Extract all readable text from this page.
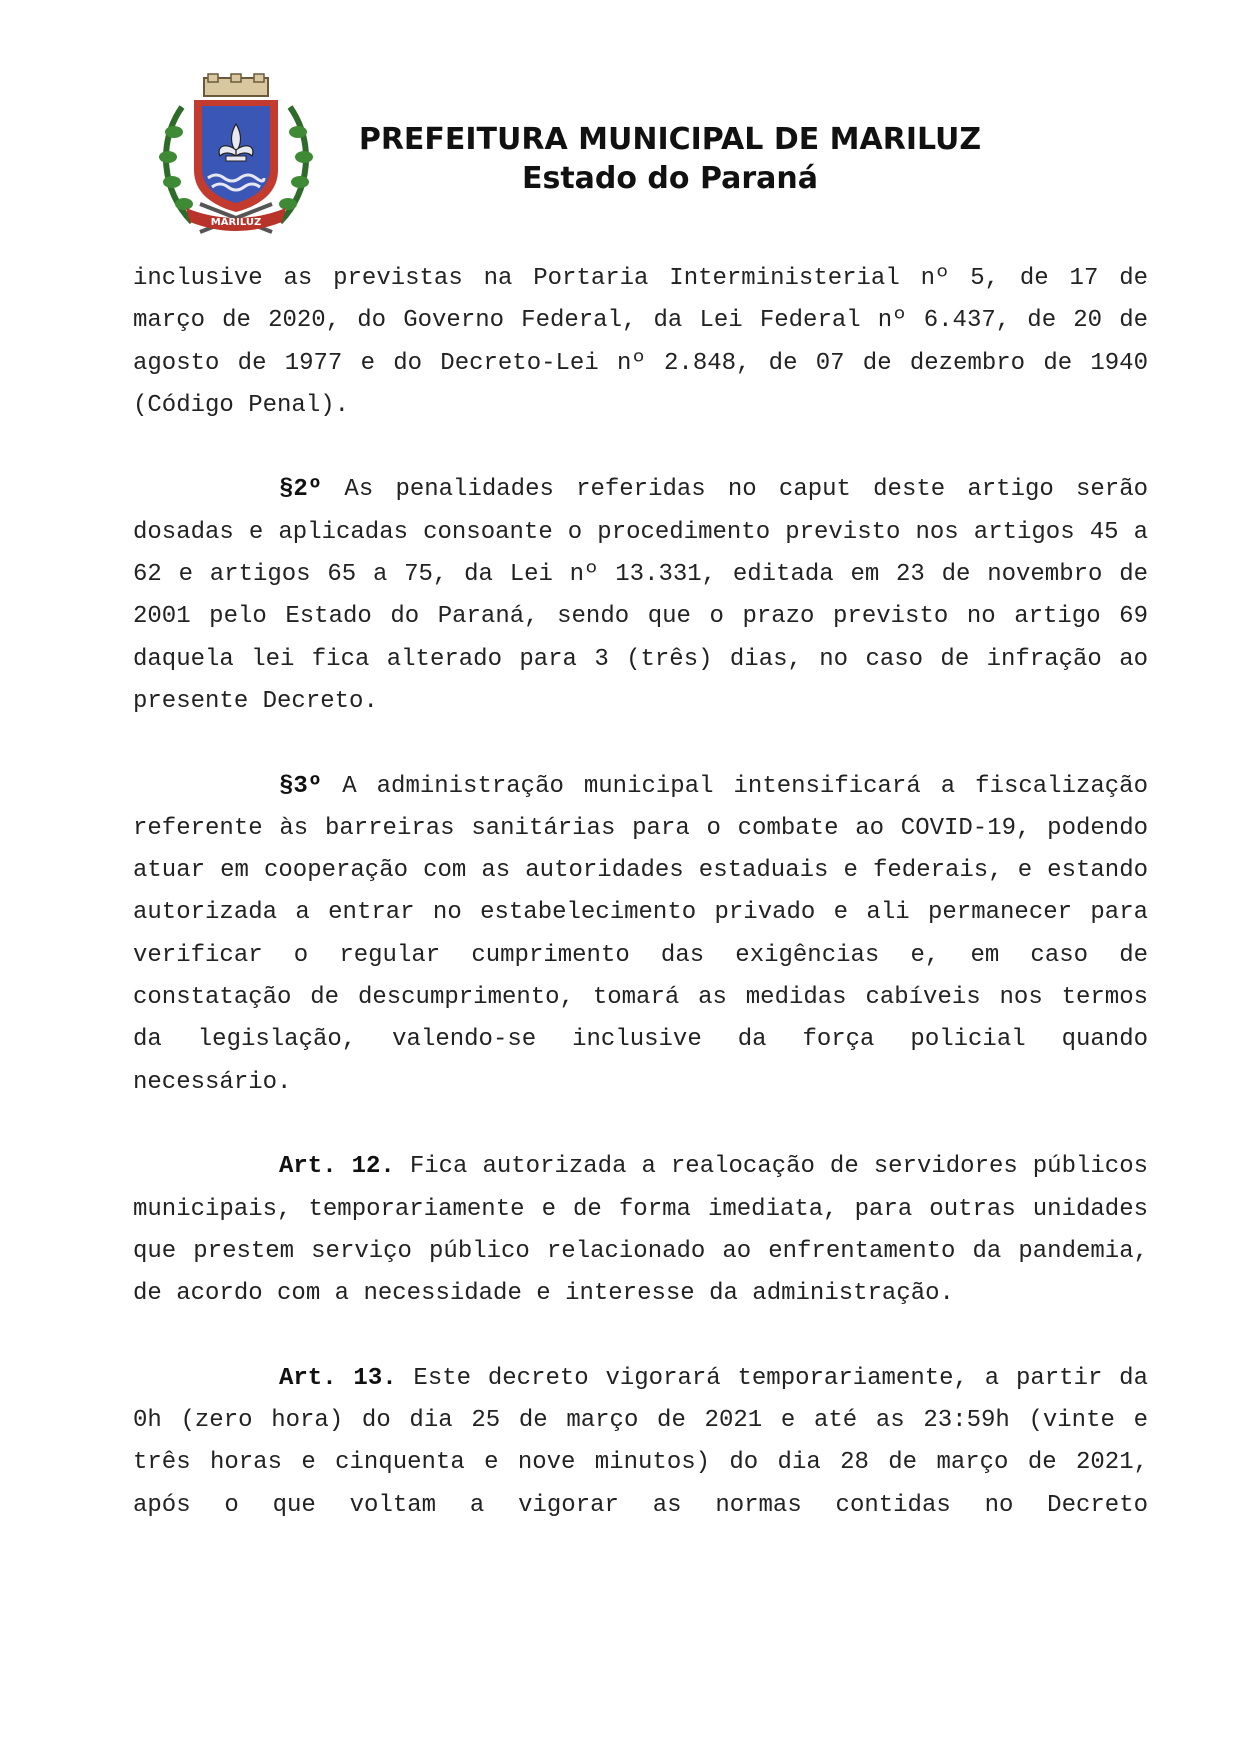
MARILUZ
PREFEITURA MUNICIPAL DE MARILUZ
Estado do Paraná

inclusive as previstas na Portaria Interministerial nº 5, de 17 de março de 2020, do Governo Federal, da Lei Federal nº 6.437, de 20 de agosto de 1977 e do Decreto-Lei nº 2.848, de 07 de dezembro de 1940 (Código Penal).

§2º As penalidades referidas no caput deste artigo serão dosadas e aplicadas consoante o procedimento previsto nos artigos 45 a 62 e artigos 65 a 75, da Lei nº 13.331, editada em 23 de novembro de 2001 pelo Estado do Paraná, sendo que o prazo previsto no artigo 69 daquela lei fica alterado para 3 (três) dias, no caso de infração ao presente Decreto.

§3º A administração municipal intensificará a fiscalização referente às barreiras sanitárias para o combate ao COVID-19, podendo atuar em cooperação com as autoridades estaduais e federais, e estando autorizada a entrar no estabelecimento privado e ali permanecer para verificar o regular cumprimento das exigências e, em caso de constatação de descumprimento, tomará as medidas cabíveis nos termos da legislação, valendo-se inclusive da força policial quando necessário.

Art. 12. Fica autorizada a realocação de servidores públicos municipais, temporariamente e de forma imediata, para outras unidades que prestem serviço público relacionado ao enfrentamento da pandemia, de acordo com a necessidade e interesse da administração.

Art. 13. Este decreto vigorará temporariamente, a partir da 0h (zero hora) do dia 25 de março de 2021 e até as 23:59h (vinte e três horas e cinquenta e nove minutos) do dia 28 de março de 2021, após o que voltam a vigorar as normas contidas no Decreto
